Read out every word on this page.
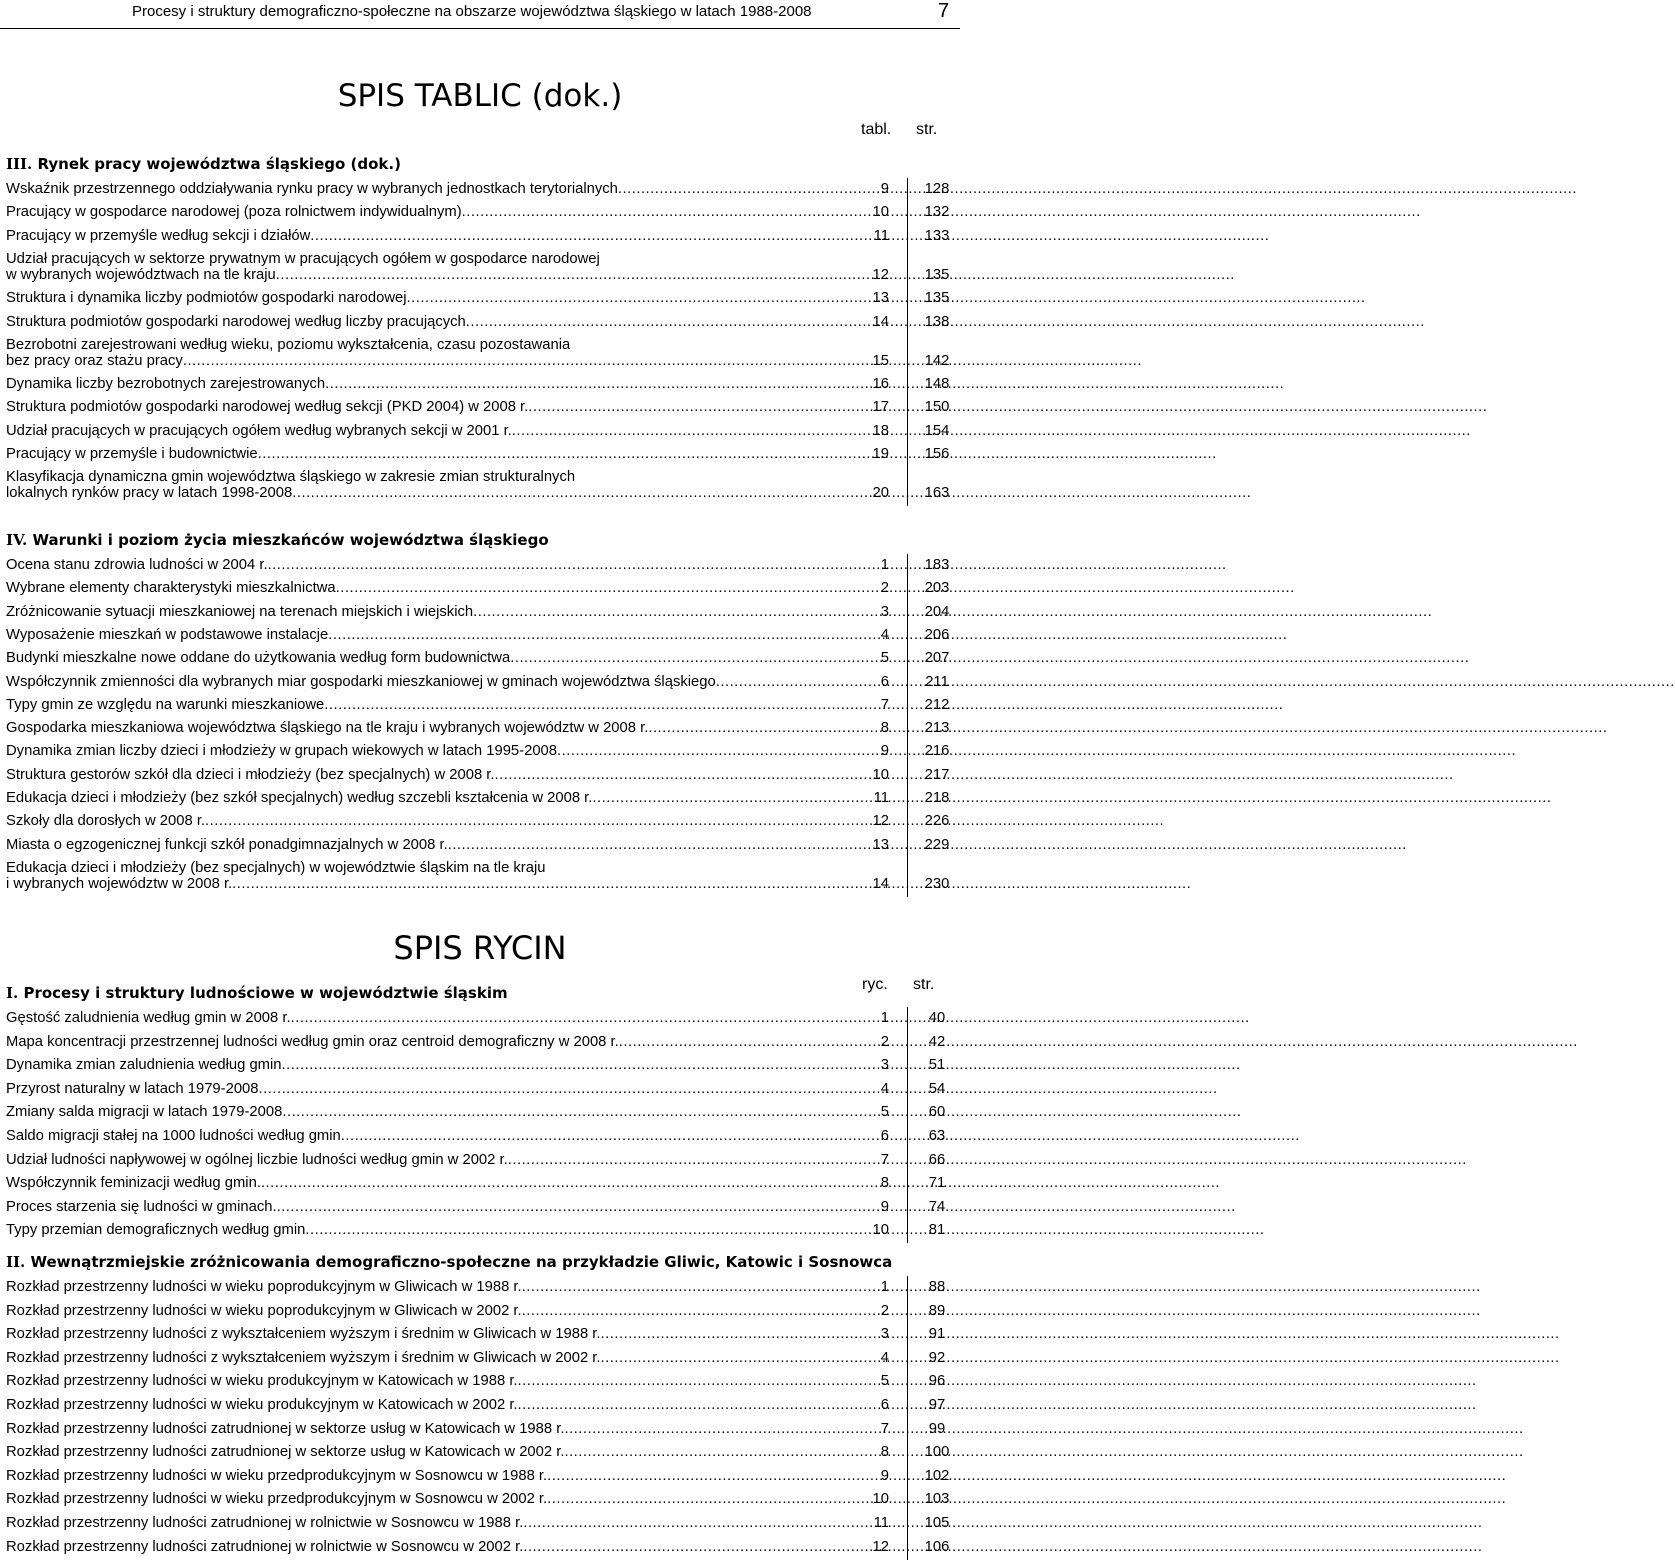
Procesy i struktury demograficzno-społeczne na obszarze województwa śląskiego w latach 1988-2008	7
SPIS TABLIC (dok.)
tabl. str.
SPIS RYCIN
ryc. str.
III. Rynek pracy województwa śląskiego (dok.)
Wskaźnik przestrzennego oddziaływania rynku pracy w wybranych jednostkach terytorialnych .....	9	128
Pracujący w gospodarce narodowej (poza rolnictwem indywidualnym) .....	10	132
Pracujący w przemyśle według sekcji i działów .....	11	133
Udział pracujących w sektorze prywatnym w pracujących ogółem w gospodarce narodowej
w wybranych województwach na tle kraju .....	12	135
Struktura i dynamika liczby podmiotów gospodarki narodowej .....	13	135
Struktura podmiotów gospodarki narodowej według liczby pracujących .....	14	138
Bezrobotni zarejestrowani według wieku, poziomu wykształcenia, czasu pozostawania
bez pracy oraz stażu pracy .....	15	142
Dynamika liczby bezrobotnych zarejestrowanych .....	16	148
Struktura podmiotów gospodarki narodowej według sekcji (PKD 2004) w 2008 r. .....	17	150
Udział pracujących w pracujących ogółem według wybranych sekcji w 2001 r. .....	18	154
Pracujący w przemyśle i budownictwie .....	19	156
Klasyfikacja dynamiczna gmin województwa śląskiego w zakresie zmian strukturalnych
lokalnych rynków pracy w latach 1998-2008 .....	20	163
IV. Warunki i poziom życia mieszkańców województwa śląskiego
Ocena stanu zdrowia ludności w 2004 r. .....	1	183
Wybrane elementy charakterystyki mieszkalnictwa .....	2	203
Zróżnicowanie sytuacji mieszkaniowej na terenach miejskich i wiejskich .....	3	204
Wyposażenie mieszkań w podstawowe instalacje .....	4	206
Budynki mieszkalne nowe oddane do użytkowania według form budownictwa .....	5	207
Współczynnik zmienności dla wybranych miar gospodarki mieszkaniowej w gminach województwa śląskiego .....	6	211
Typy gmin ze względu na warunki mieszkaniowe .....	7	212
Gospodarka mieszkaniowa województwa śląskiego na tle kraju i wybranych województw w 2008 r. .....	8	213
Dynamika zmian liczby dzieci i młodzieży w grupach wiekowych w latach 1995-2008 .....	9	216
Struktura gestorów szkół dla dzieci i młodzieży (bez specjalnych) w 2008 r. .....	10	217
Edukacja dzieci i młodzieży (bez szkół specjalnych) według szczebli kształcenia w 2008 r. .....	11	218
Szkoły dla dorosłych w 2008 r. .....	12	226
Miasta o egzogenicznej funkcji szkół ponadgimnazjalnych w 2008 r. .....	13	229
Edukacja dzieci i młodzieży (bez specjalnych) w województwie śląskim na tle kraju
i wybranych województw w 2008 r. .....	14	230
I. Procesy i struktury ludnościowe w województwie śląskim
Gęstość zaludnienia według gmin w 2008 r. .....	1	40
Mapa koncentracji przestrzennej ludności według gmin oraz centroid demograficzny w 2008 r. .....	2	42
Dynamika zmian zaludnienia według gmin .....	3	51
Przyrost naturalny w latach 1979-2008 .....	4	54
Zmiany salda migracji w latach 1979-2008 .....	5	60
Saldo migracji stałej na 1000 ludności według gmin .....	6	63
Udział ludności napływowej w ogólnej liczbie ludności według gmin w 2002 r. .....	7	66
Współczynnik feminizacji według gmin. .....	8	71
Proces starzenia się ludności w gminach. .....	9	74
Typy przemian demograficznych według gmin .....	10	81
II. Wewnątrzmiejskie zróżnicowania demograficzno-społeczne na przykładzie Gliwic, Katowic i Sosnowca
Rozkład przestrzenny ludności w wieku poprodukcyjnym w Gliwicach w 1988 r. .....	1	88
Rozkład przestrzenny ludności w wieku poprodukcyjnym w Gliwicach w 2002 r. .....	2	89
Rozkład przestrzenny ludności z wykształceniem wyższym i średnim w Gliwicach w 1988 r. .....	3	91
Rozkład przestrzenny ludności z wykształceniem wyższym i średnim w Gliwicach w 2002 r. .....	4	92
Rozkład przestrzenny ludności w wieku produkcyjnym w Katowicach w 1988 r. .....	5	96
Rozkład przestrzenny ludności w wieku produkcyjnym w Katowicach w 2002 r. .....	6	97
Rozkład przestrzenny ludności zatrudnionej w sektorze usług w Katowicach w 1988 r. .....	7	99
Rozkład przestrzenny ludności zatrudnionej w sektorze usług w Katowicach w 2002 r. .....	8	100
Rozkład przestrzenny ludności w wieku przedprodukcyjnym w Sosnowcu w 1988 r. .....	9	102
Rozkład przestrzenny ludności w wieku przedprodukcyjnym w Sosnowcu w 2002 r. .....	10	103
Rozkład przestrzenny ludności zatrudnionej w rolnictwie w Sosnowcu w 1988 r. .....	11	105
Rozkład przestrzenny ludności zatrudnionej w rolnictwie w Sosnowcu w 2002 r. .....	12	106
